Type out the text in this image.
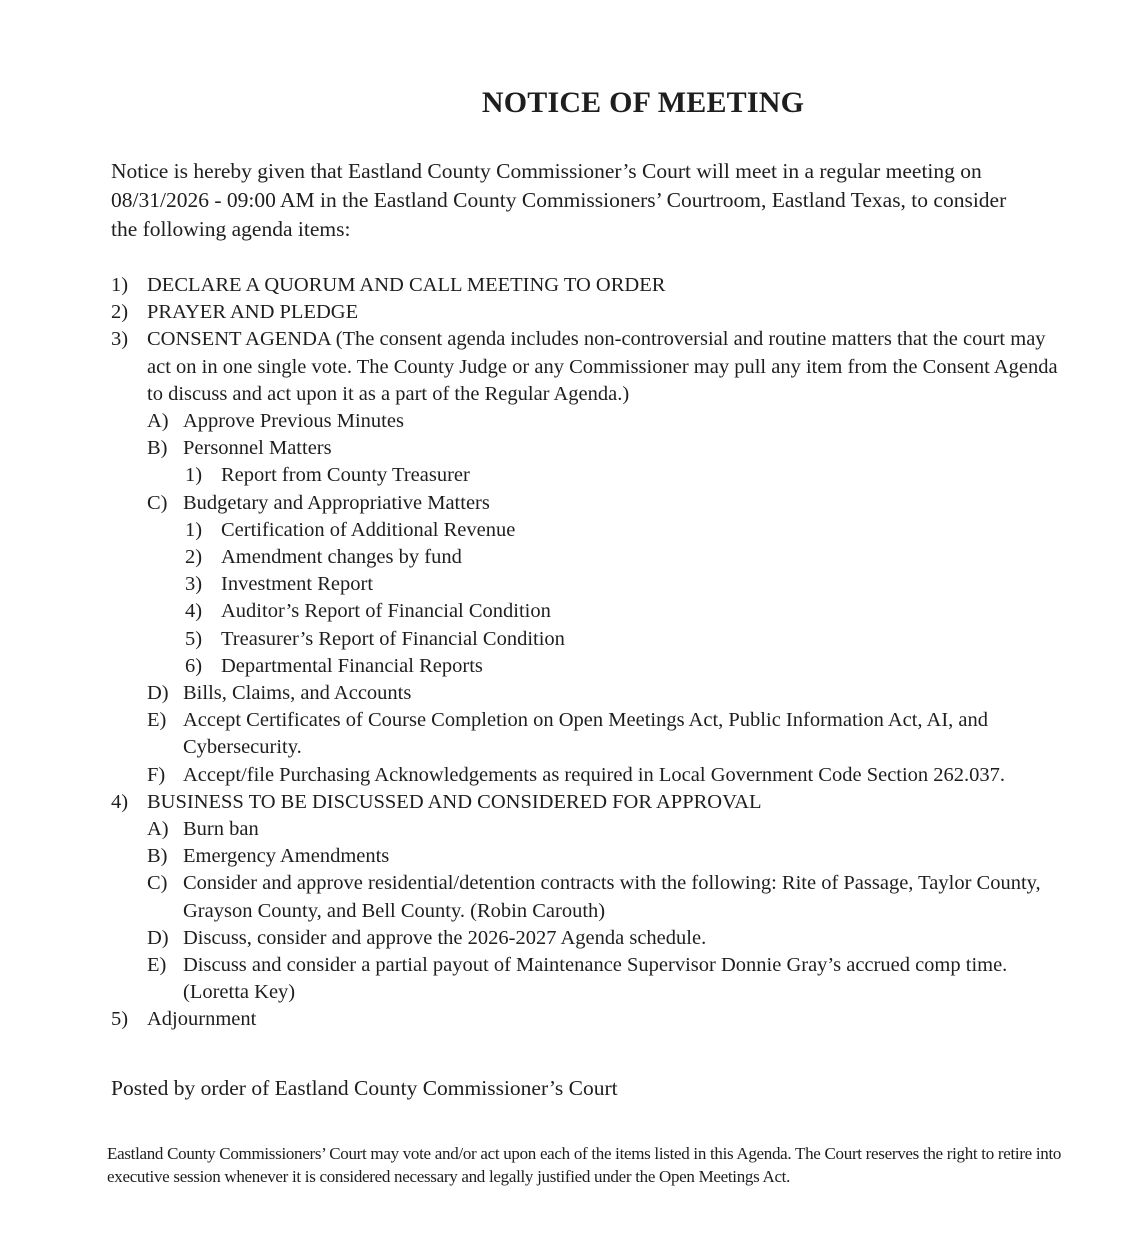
NOTICE OF MEETING
Notice is hereby given that Eastland County Commissioner’s Court will meet in a regular meeting on 08/31/2026 - 09:00 AM in the Eastland County Commissioners’ Courtroom, Eastland Texas, to consider the following agenda items:
1) DECLARE A QUORUM AND CALL MEETING TO ORDER
2) PRAYER AND PLEDGE
3) CONSENT AGENDA (The consent agenda includes non-controversial and routine matters that the court may act on in one single vote. The County Judge or any Commissioner may pull any item from the Consent Agenda to discuss and act upon it as a part of the Regular Agenda.)
A) Approve Previous Minutes
B) Personnel Matters
1) Report from County Treasurer
C) Budgetary and Appropriative Matters
1) Certification of Additional Revenue
2) Amendment changes by fund
3) Investment Report
4) Auditor’s Report of Financial Condition
5) Treasurer’s Report of Financial Condition
6) Departmental Financial Reports
D) Bills, Claims, and Accounts
E) Accept Certificates of Course Completion on Open Meetings Act, Public Information Act, AI, and Cybersecurity.
F) Accept/file Purchasing Acknowledgements as required in Local Government Code Section 262.037.
4) BUSINESS TO BE DISCUSSED AND CONSIDERED FOR APPROVAL
A) Burn ban
B) Emergency Amendments
C) Consider and approve residential/detention contracts with the following: Rite of Passage, Taylor County, Grayson County, and Bell County. (Robin Carouth)
D) Discuss, consider and approve the 2026-2027 Agenda schedule.
E) Discuss and consider a partial payout of Maintenance Supervisor Donnie Gray’s accrued comp time. (Loretta Key)
5) Adjournment
Posted by order of Eastland County Commissioner’s Court
Eastland County Commissioners’ Court may vote and/or act upon each of the items listed in this Agenda. The Court reserves the right to retire into executive session whenever it is considered necessary and legally justified under the Open Meetings Act.
